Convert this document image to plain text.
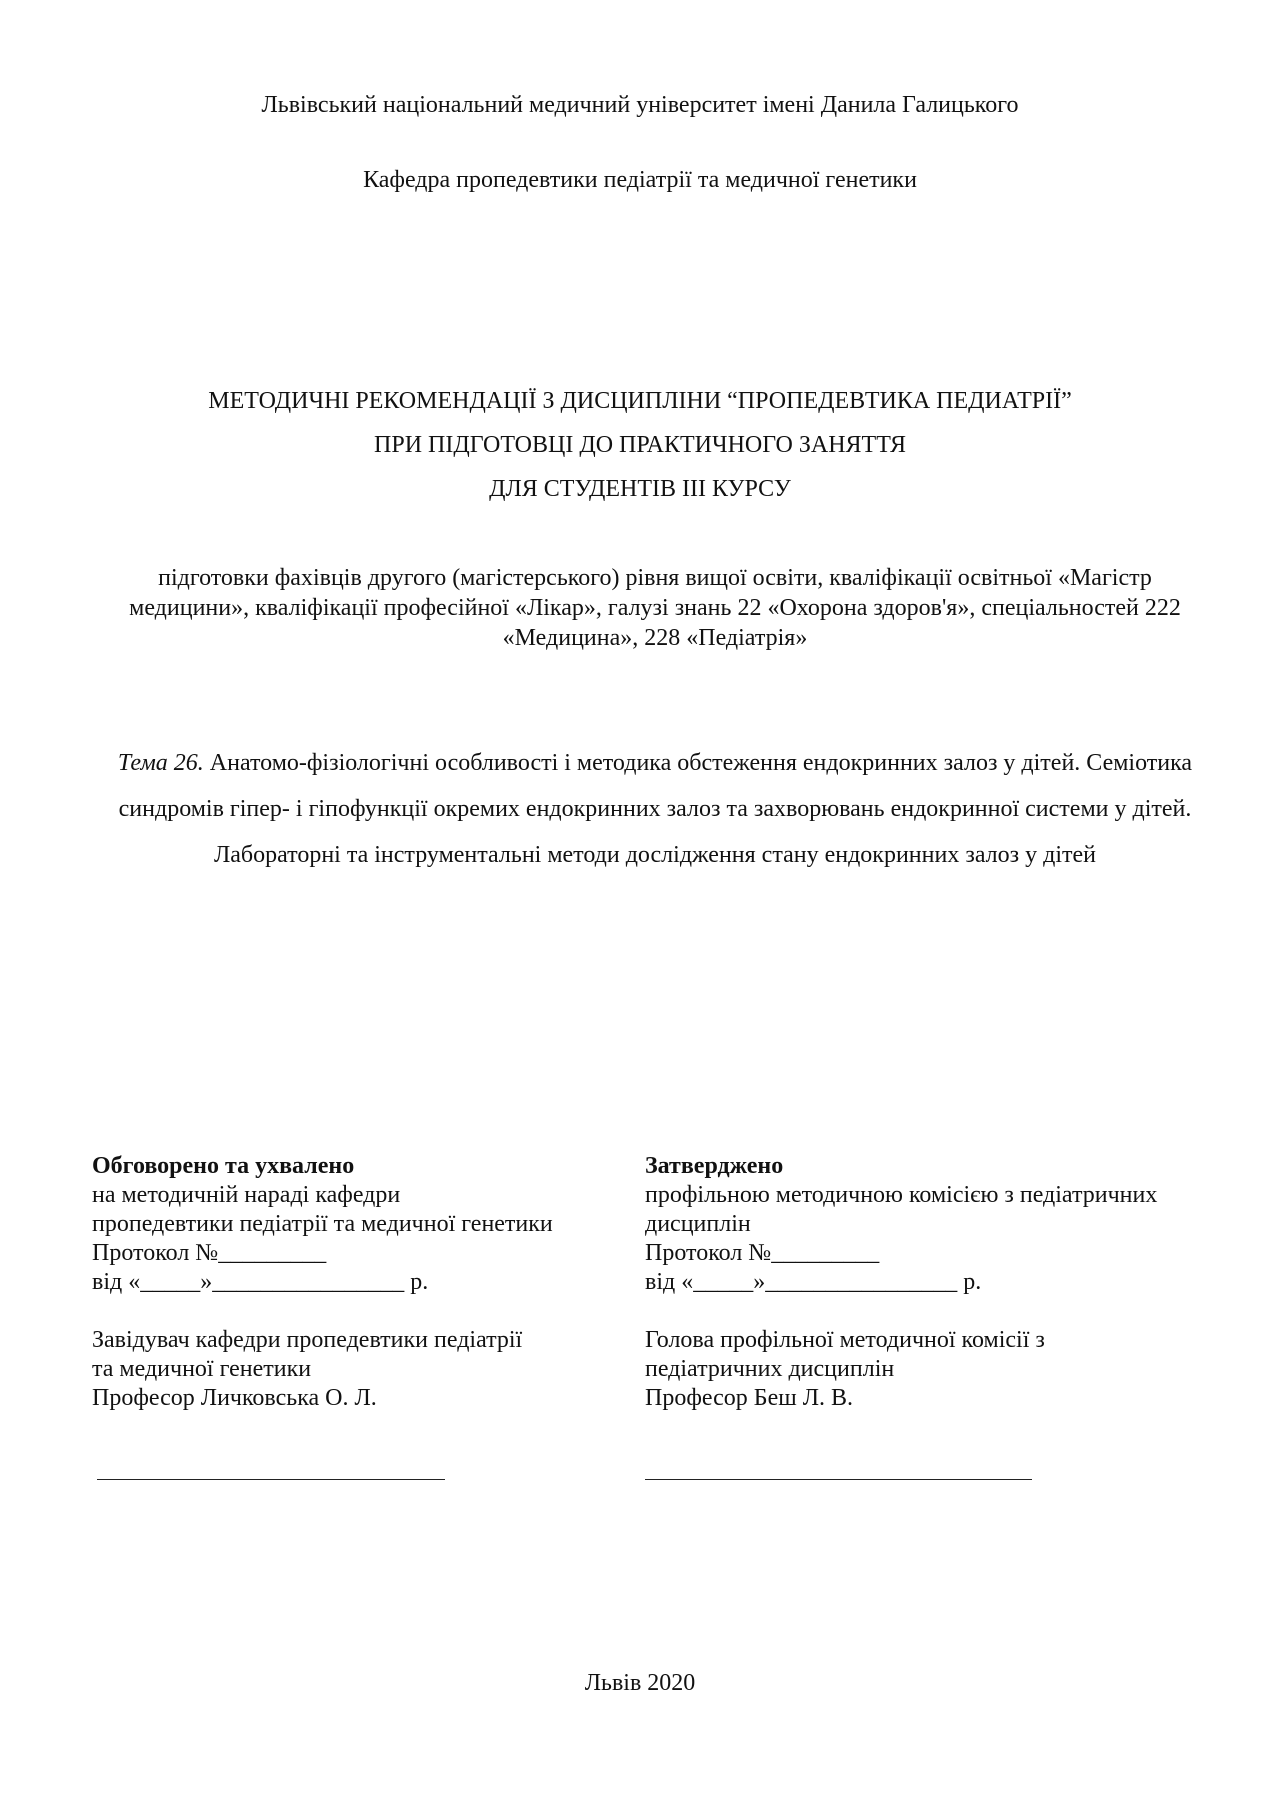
Львівський національний медичний університет імені Данила Галицького
Кафедра пропедевтики педіатрії та медичної генетики
МЕТОДИЧНІ РЕКОМЕНДАЦІЇ З ДИСЦИПЛІНИ “ПРОПЕДЕВТИКА ПЕДИАТРІЇ”
ПРИ ПІДГОТОВЦІ ДО ПРАКТИЧНОГО ЗАНЯТТЯ
ДЛЯ СТУДЕНТІВ ІІІ КУРСУ
підготовки фахівців другого (магістерського) рівня вищої освіти, кваліфікації освітньої «Магістр медицини», кваліфікації професійної «Лікар», галузі знань 22 «Охорона здоров'я», спеціальностей 222 «Медицина», 228 «Педіатрія»
Тема 26. Анатомо-фізіологічні особливості і методика обстеження ендокринних залоз у дітей. Семіотика синдромів гіпер- і гіпофункції окремих ендокринних залоз та захворювань ендокринної системи у дітей. Лабораторні та інструментальні методи дослідження стану ендокринних залоз у дітей
Обговорено та ухвалено
на методичній нараді кафедри
пропедевтики педіатрії та медичної генетики
Протокол №_________
від «_____»________________ р.
Завідувач кафедри пропедевтики педіатрії
та медичної генетики
Професор Личковська О. Л.
Затверджено
профільною методичною комісією з педіатричних
дисциплін
Протокол №_________
від «_____»________________ р.
Голова профільної методичної комісії з
педіатричних дисциплін
Професор Беш Л. В.
Львів 2020
